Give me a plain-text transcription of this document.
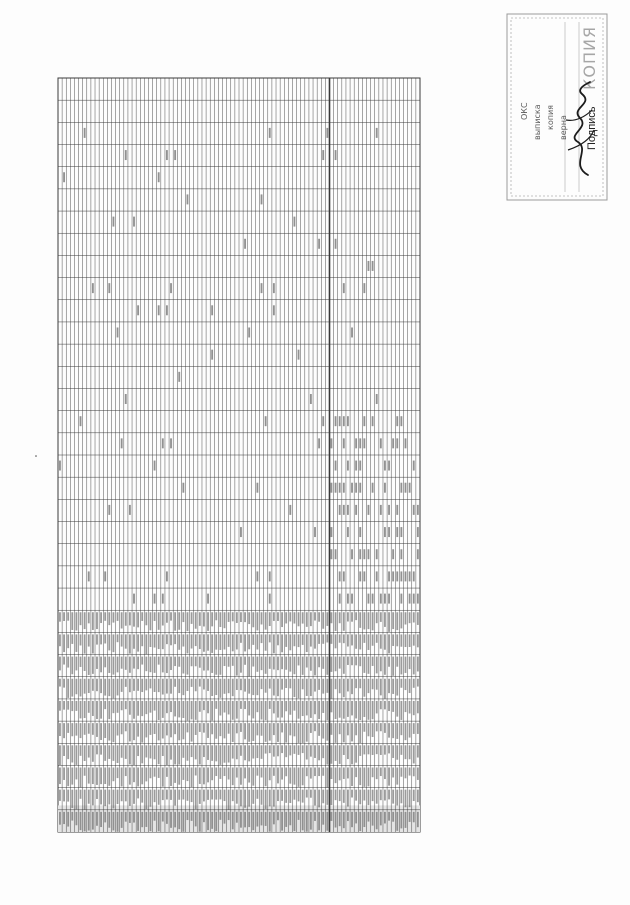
ОКС выписка копия верна
КОПИЯ
Подпись
